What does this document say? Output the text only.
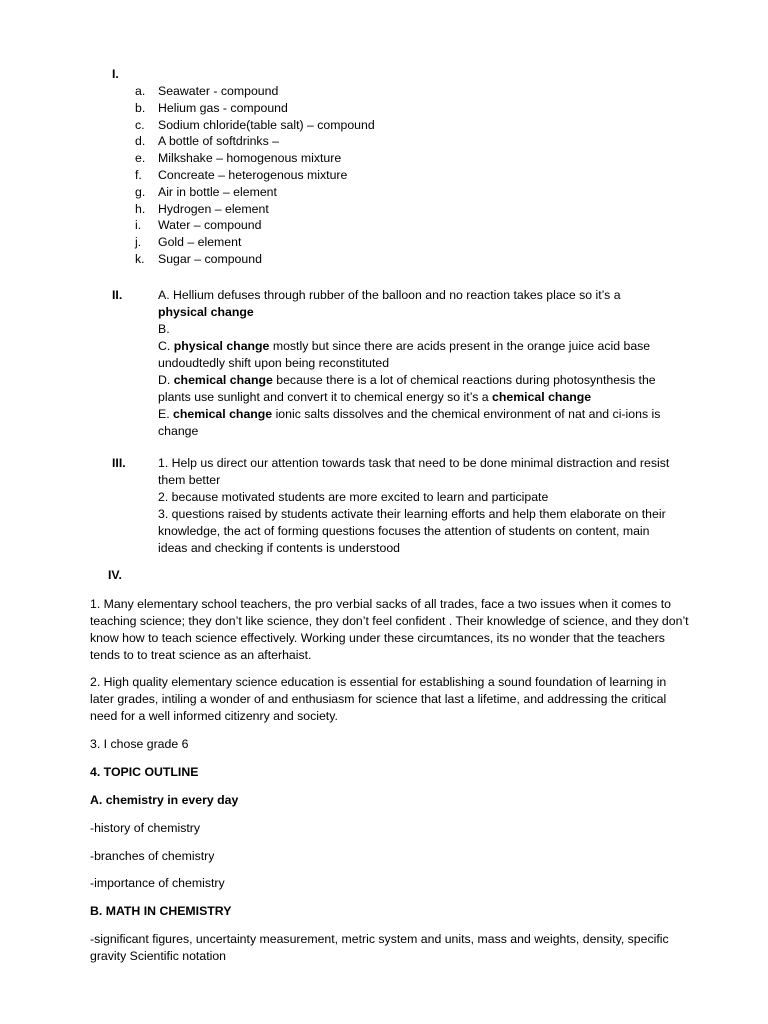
I.
a.	Seawater - compound
b.	Helium gas - compound
c.	Sodium chloride(table salt) – compound
d.	A bottle of softdrinks –
e.	Milkshake – homogenous mixture
f.	Concreate – heterogenous mixture
g.	Air in bottle – element
h.	Hydrogen – element
i.	Water – compound
j.	Gold – element
k.	Sugar – compound
II.	A. Hellium defuses through rubber of the balloon and no reaction takes place so it’s a
physical change

B.

C. physical change mostly but since there are acids present in the orange juice acid base undoudtedly shift upon being reconstituted

D. chemical change because there is a lot of chemical reactions during photosynthesis the plants use sunlight and convert it to chemical energy so it’s a chemical change

E. chemical change ionic salts dissolves and the chemical environment of nat and ci-ions is change

III.	1. Help us direct our attention towards task that need to be done minimal distraction and resist them better

2. because motivated students are more excited to learn and participate

3. questions raised by students activate their learning efforts and help them elaborate on their knowledge, the act of forming questions focuses the attention of students on content, main ideas and checking if contents is understood

IV.

1. Many elementary school teachers, the pro verbial sacks of all trades, face a two issues when it comes to teaching science; they don’t like science, they don’t feel confident . Their knowledge of science, and they don’t know how to teach science effectively. Working under these circumtances, its no wonder that the teachers tends to to treat science as an afterhaist.

2. High quality elementary science education is essential for establishing a sound foundation of learning in later grades, intiling a wonder of and enthusiasm for science that last a lifetime, and addressing the critical need for a well informed citizenry and society.

3. I chose grade 6

4. TOPIC OUTLINE

A. chemistry in every day

-history of chemistry

-branches of chemistry

-importance of chemistry

B. MATH IN CHEMISTRY

-significant figures, uncertainty measurement, metric system and units, mass and weights, density, specific gravity Scientific notation
